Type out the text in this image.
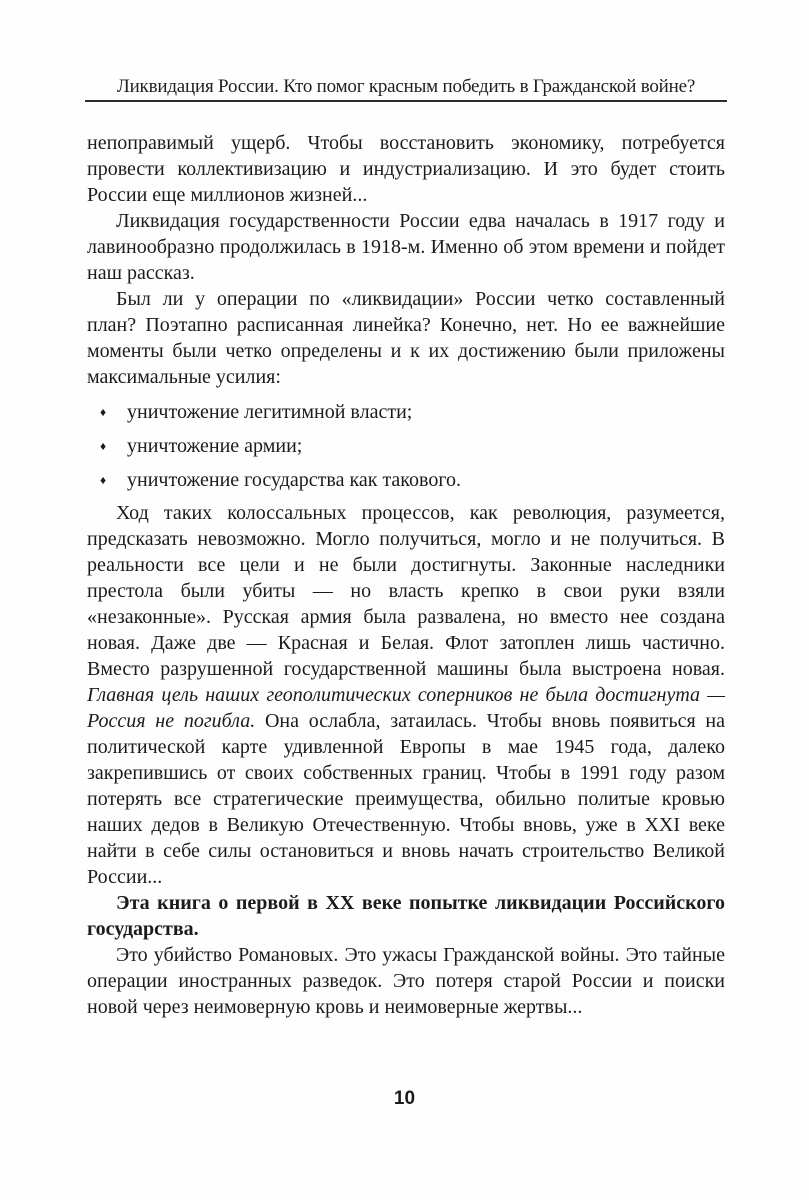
Ликвидация России. Кто помог красным победить в Гражданской войне?

непоправимый ущерб. Чтобы восстановить экономику, потребуется провести коллективизацию и индустриализацию. И это будет стоить России еще миллионов жизней...

Ликвидация государственности России едва началась в 1917 году и лавинообразно продолжилась в 1918-м. Именно об этом времени и пойдет наш рассказ.

Был ли у операции по «ликвидации» России четко составленный план? Поэтапно расписанная линейка? Конечно, нет. Но ее важнейшие моменты были четко определены и к их достижению были приложены максимальные усилия:

♦	уничтожение легитимной власти;
♦	уничтожение армии;
♦	уничтожение государства как такового.

Ход таких колоссальных процессов, как революция, разумеется, предсказать невозможно. Могло получиться, могло и не получиться. В реальности все цели и не были достигнуты. Законные наследники престола были убиты — но власть крепко в свои руки взяли «незаконные». Русская армия была развалена, но вместо нее создана новая. Даже две — Красная и Белая. Флот затоплен лишь частично. Вместо разрушенной государственной машины была выстроена новая. Главная цель наших геополитических соперников не была достигнута — Россия не погибла. Она ослабла, затаилась. Чтобы вновь появиться на политической карте удивленной Европы в мае 1945 года, далеко закрепившись от своих собственных границ. Чтобы в 1991 году разом потерять все стратегические преимущества, обильно политые кровью наших дедов в Великую Отечественную. Чтобы вновь, уже в XXI веке найти в себе силы остановиться и вновь начать строительство Великой России...

Эта книга о первой в XX веке попытке ликвидации Российского государства.

Это убийство Романовых. Это ужасы Гражданской войны. Это тайные операции иностранных разведок. Это потеря старой России и поиски новой через неимоверную кровь и неимоверные жертвы...

10
